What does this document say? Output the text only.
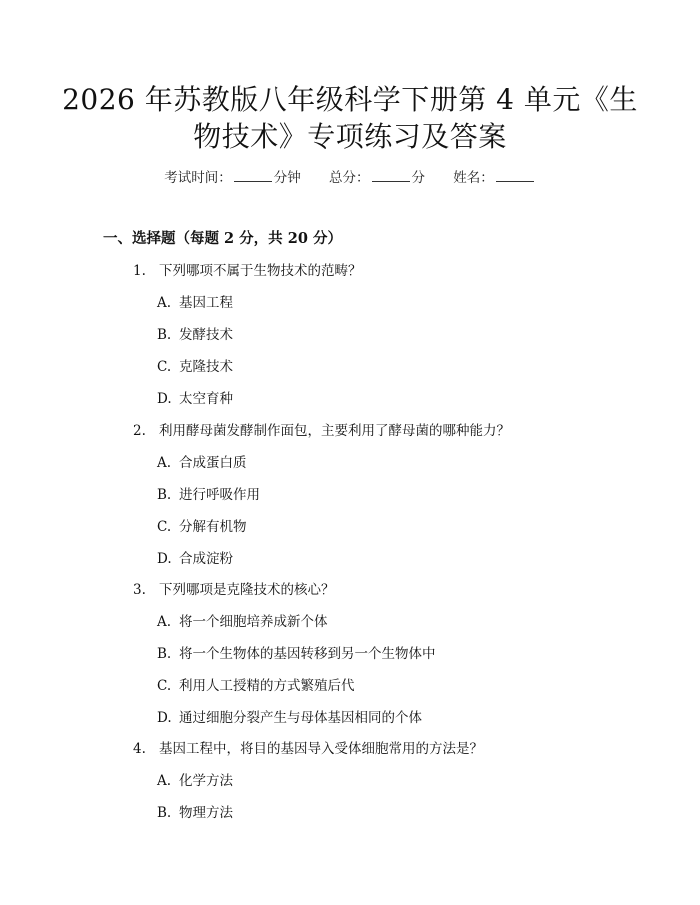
2026 年苏教版八年级科学下册第 4 单元《生
物技术》专项练习及答案
考试时间：	分钟 总分：	分 姓名：
一、选择题（每题 2 分，共 20 分）
1. 下列哪项不属于生物技术的范畴？
A. 基因工程
B. 发酵技术
C. 克隆技术
D. 太空育种
2. 利用酵母菌发酵制作面包，主要利用了酵母菌的哪种能力？
A. 合成蛋白质
B. 进行呼吸作用
C. 分解有机物
D. 合成淀粉
3. 下列哪项是克隆技术的核心？
A. 将一个细胞培养成新个体
B. 将一个生物体的基因转移到另一个生物体中
C. 利用人工授精的方式繁殖后代
D. 通过细胞分裂产生与母体基因相同的个体
4. 基因工程中，将目的基因导入受体细胞常用的方法是？
A. 化学方法
B. 物理方法
